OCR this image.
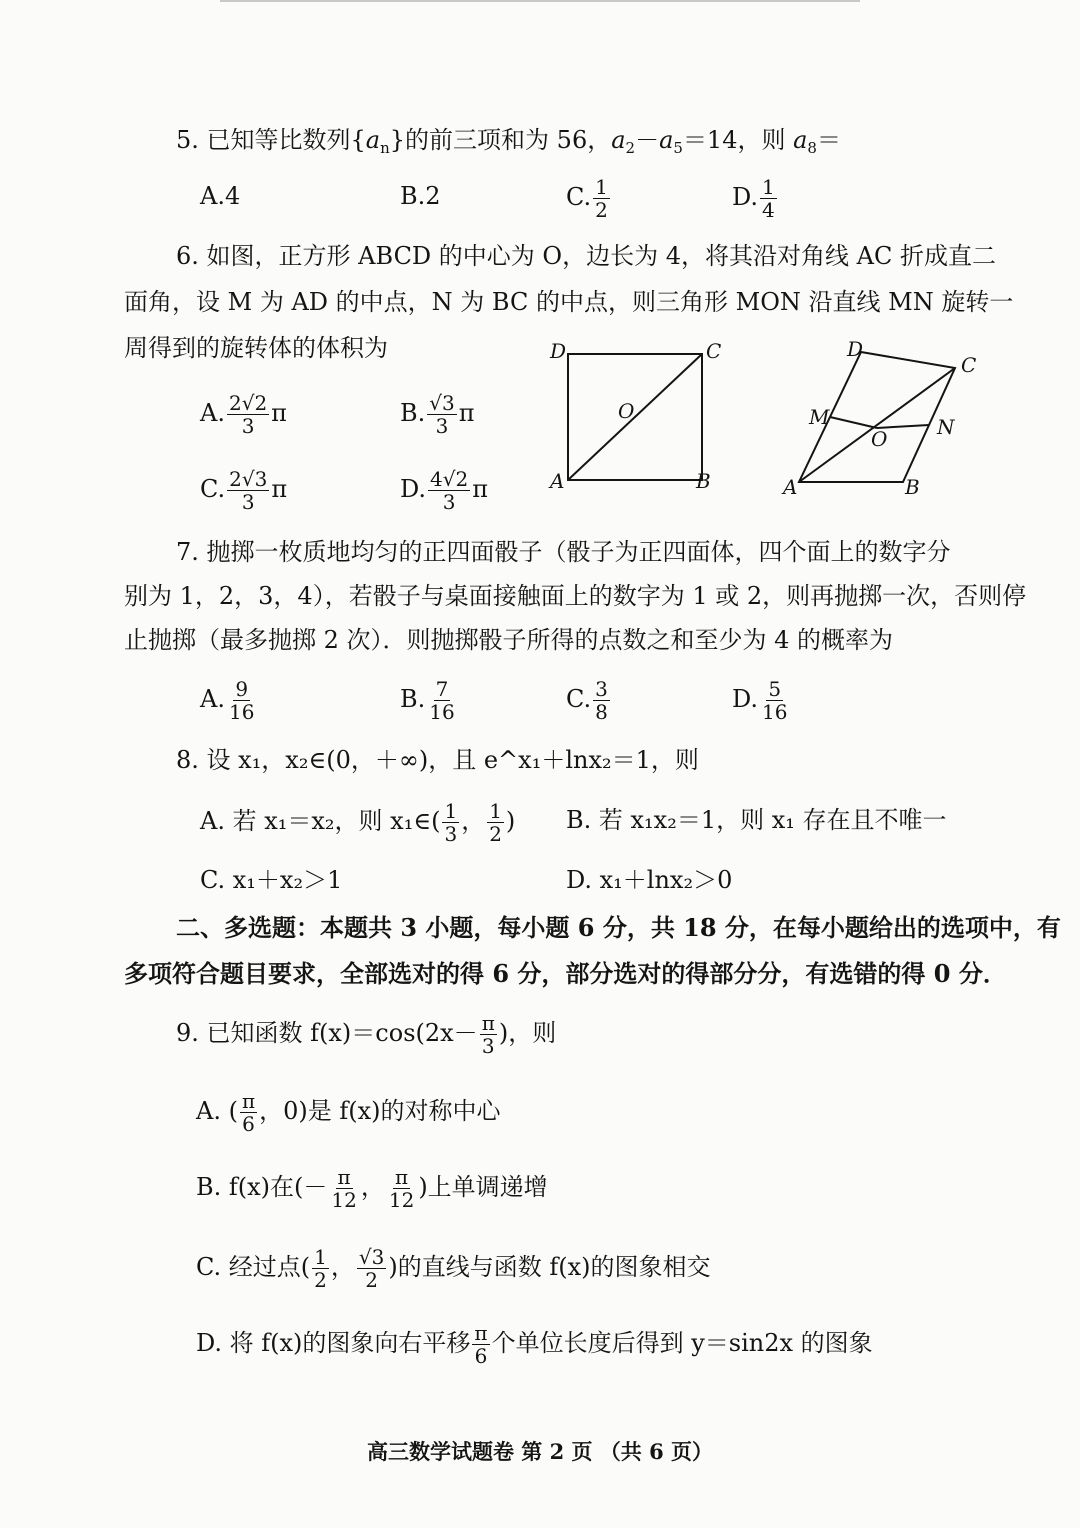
5. 已知等比数列$\{a_n\}$的前三项和为 56，$a_2-a_5=14$，则 $a_8=$
A.4	B.2	C. $\frac{1}{2}$	D. $\frac{1}{4}$
6. 如图，正方形 ABCD 的中心为 O，边长为 4，将其沿对角线 AC 折成直二
面角，设 M 为 AD 的中点，N 为 BC 的中点，则三角形 MON 沿直线 MN 旋转一
周得到的旋转体的体积为
A. $\frac{2√2}{3}$ π	B. $\frac{√3}{3}$ π
C. $\frac{2√3}{3}$ π	D. $\frac{4√2}{3}$ π
D	C
A	B
O
D
C
M
O N
A	B
7. 抛掷一枚质地均匀的正四面骰子（骰子为正四面体，四个面上的数字分
别为 1，2，3，4），若骰子与桌面接触面上的数字为 1 或 2，则再抛掷一次，否则停
止抛掷（最多抛掷 2 次）．则抛掷骰子所得的点数之和至少为 4 的概率为
A. $\frac{9}{16}$	B. $\frac{7}{16}$	C. $\frac{3}{8}$	D. $\frac{5}{16}$
8. 设 x₁，x₂∈(0，＋∞)，且 e^x₁＋lnx₂＝1，则
A. 若 x₁＝x₂，则 x₁∈( $\frac{1}{3}$ ， $\frac{1}{2}$ ) B. 若 x₁x₂＝1，则 x₁ 存在且不唯一
C. x₁＋x₂＞1	D. x₁＋lnx₂＞0
二、多选题：本题共 3 小题，每小题 6 分，共 18 分，在每小题给出的选项中，有
多项符合题目要求，全部选对的得 6 分，部分选对的得部分分，有选错的得 0 分．
9. 已知函数 $f(x)=\cos(2x- \frac{\pi}{3}$ )，则
A. ( $\frac{\pi}{6}$ ，0)是 f(x)的对称中心
B. f(x)在(－ $\frac{\pi}{12}$ ， $\frac{\pi}{12}$ )上单调递增
C. 经过点( $\frac{1}{2}$ ， $\frac{√3}{2}$ )的直线与函数 f(x)的图象相交
D. 将 f(x)的图象向右平移 $\frac{\pi}{6}$ 个单位长度后得到 y＝sin2x 的图象
高三数学试题卷 第 2 页 （共 6 页）
